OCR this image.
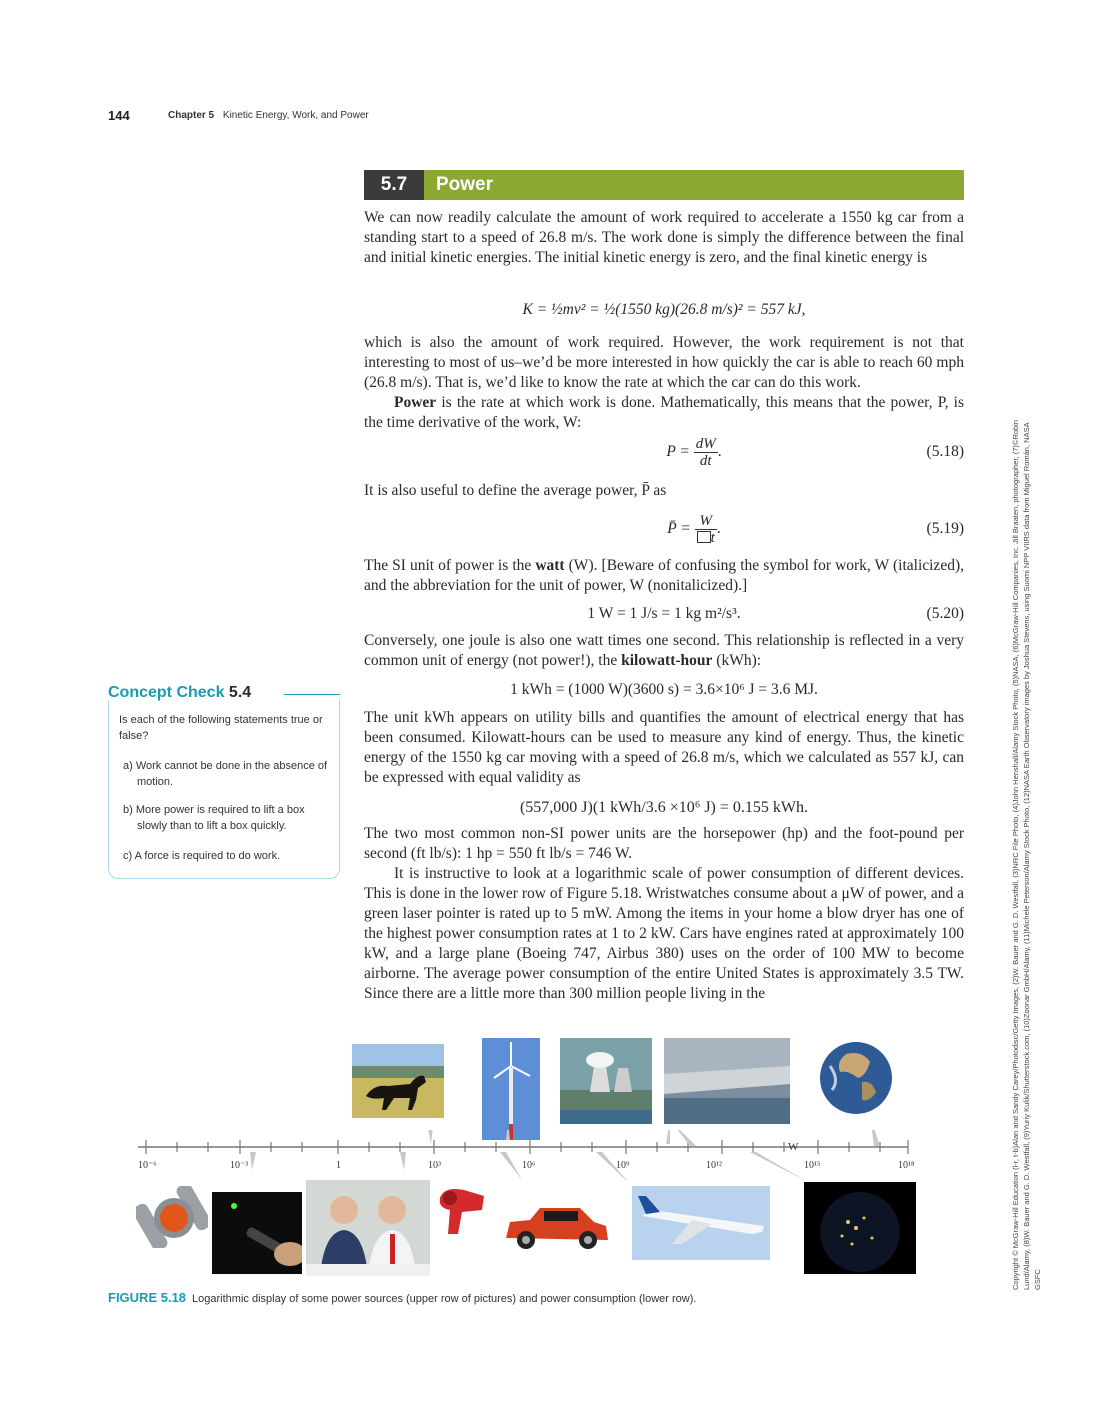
144	Chapter 5 Kinetic Energy, Work, and Power
5.7	Power
We can now readily calculate the amount of work required to accelerate a 1550 kg car from a standing start to a speed of 26.8 m/s. The work done is simply the difference between the final and initial kinetic energies. The initial kinetic energy is zero, and the final kinetic energy is
K = ½mv² = ½(1550 kg)(26.8 m/s)² = 557 kJ,
which is also the amount of work required. However, the work requirement is not that interesting to most of us–we’d be more interested in how quickly the car is able to reach 60 mph (26.8 m/s). That is, we’d like to know the rate at which the car can do this work.
Power is the rate at which work is done. Mathematically, this means that the power, P, is the time derivative of the work, W:
$P = \frac{dW}{dt}$ .	(5.18)
It is also useful to define the average power, P̄ as
P̄ = $\frac{W}{t}$ .	(5.19)
The SI unit of power is the watt (W). [Beware of confusing the symbol for work, W (italicized), and the abbreviation for the unit of power, W (nonitalicized).]
1 W = 1 J/s = 1 kg m²/s³.	(5.20)
Conversely, one joule is also one watt times one second. This relationship is reflected in a very common unit of energy (not power!), the kilowatt-hour (kWh):
1 kWh = (1000 W)(3600 s) = 3.6×10⁶ J = 3.6 MJ.
The unit kWh appears on utility bills and quantifies the amount of electrical energy that has been consumed. Kilowatt-hours can be used to measure any kind of energy. Thus, the kinetic energy of the 1550 kg car moving with a speed of 26.8 m/s, which we calculated as 557 kJ, can be expressed with equal validity as
(557,000 J)(1 kWh/3.6 ×10⁶ J) = 0.155 kWh.
The two most common non-SI power units are the horsepower (hp) and the foot-pound per second (ft lb/s): 1 hp = 550 ft lb/s = 746 W.
It is instructive to look at a logarithmic scale of power consumption of different devices. This is done in the lower row of Figure 5.18. Wristwatches consume about a μW of power, and a green laser pointer is rated up to 5 mW. Among the items in your home a blow dryer has one of the highest power consumption rates at 1 to 2 kW. Cars have engines rated at approximately 100 kW, and a large plane (Boeing 747, Airbus 380) uses on the order of 100 MW to become airborne. The average power consumption of the entire United States is approximately 3.5 TW. Since there are a little more than 300 million people living in the
Concept Check 5.4
Is each of the following statements true or false?
a) Work cannot be done in the absence of motion.
b) More power is required to lift a box slowly than to lift a box quickly.
c) A force is required to do work.
W
10⁻⁶	10⁻³	1	10³	10⁶	10⁹	10¹²	10¹⁵	10¹⁸
FIGURE 5.18 Logarithmic display of some power sources (upper row of pictures) and power consumption (lower row).
Copyright © McGraw-Hill Education (l-r, t-b)Alan and Sandy Carey/Photodisc/Getty Images, (2)W. Bauer and G. D. Westfall, (3)NRC File Photo, (4)John Henshall/Alamy Stock Photo, (5)NASA, (6)McGraw-Hill Companies, Inc. Jill Braaten, photographer, (7)©Robin Lund/Alamy, (8)W. Bauer and G. D. Westfall, (9)Yuriy Kulik/Shutterstock.com, (10)Zoonar GmbH/Alamy, (11)Michele Peterson/Alamy Stock Photo, (12)NASA Earth Observatory images by Joshua Stevens, using Suomi NPP VIIRS data from Miguel Román, NASA GSFC
